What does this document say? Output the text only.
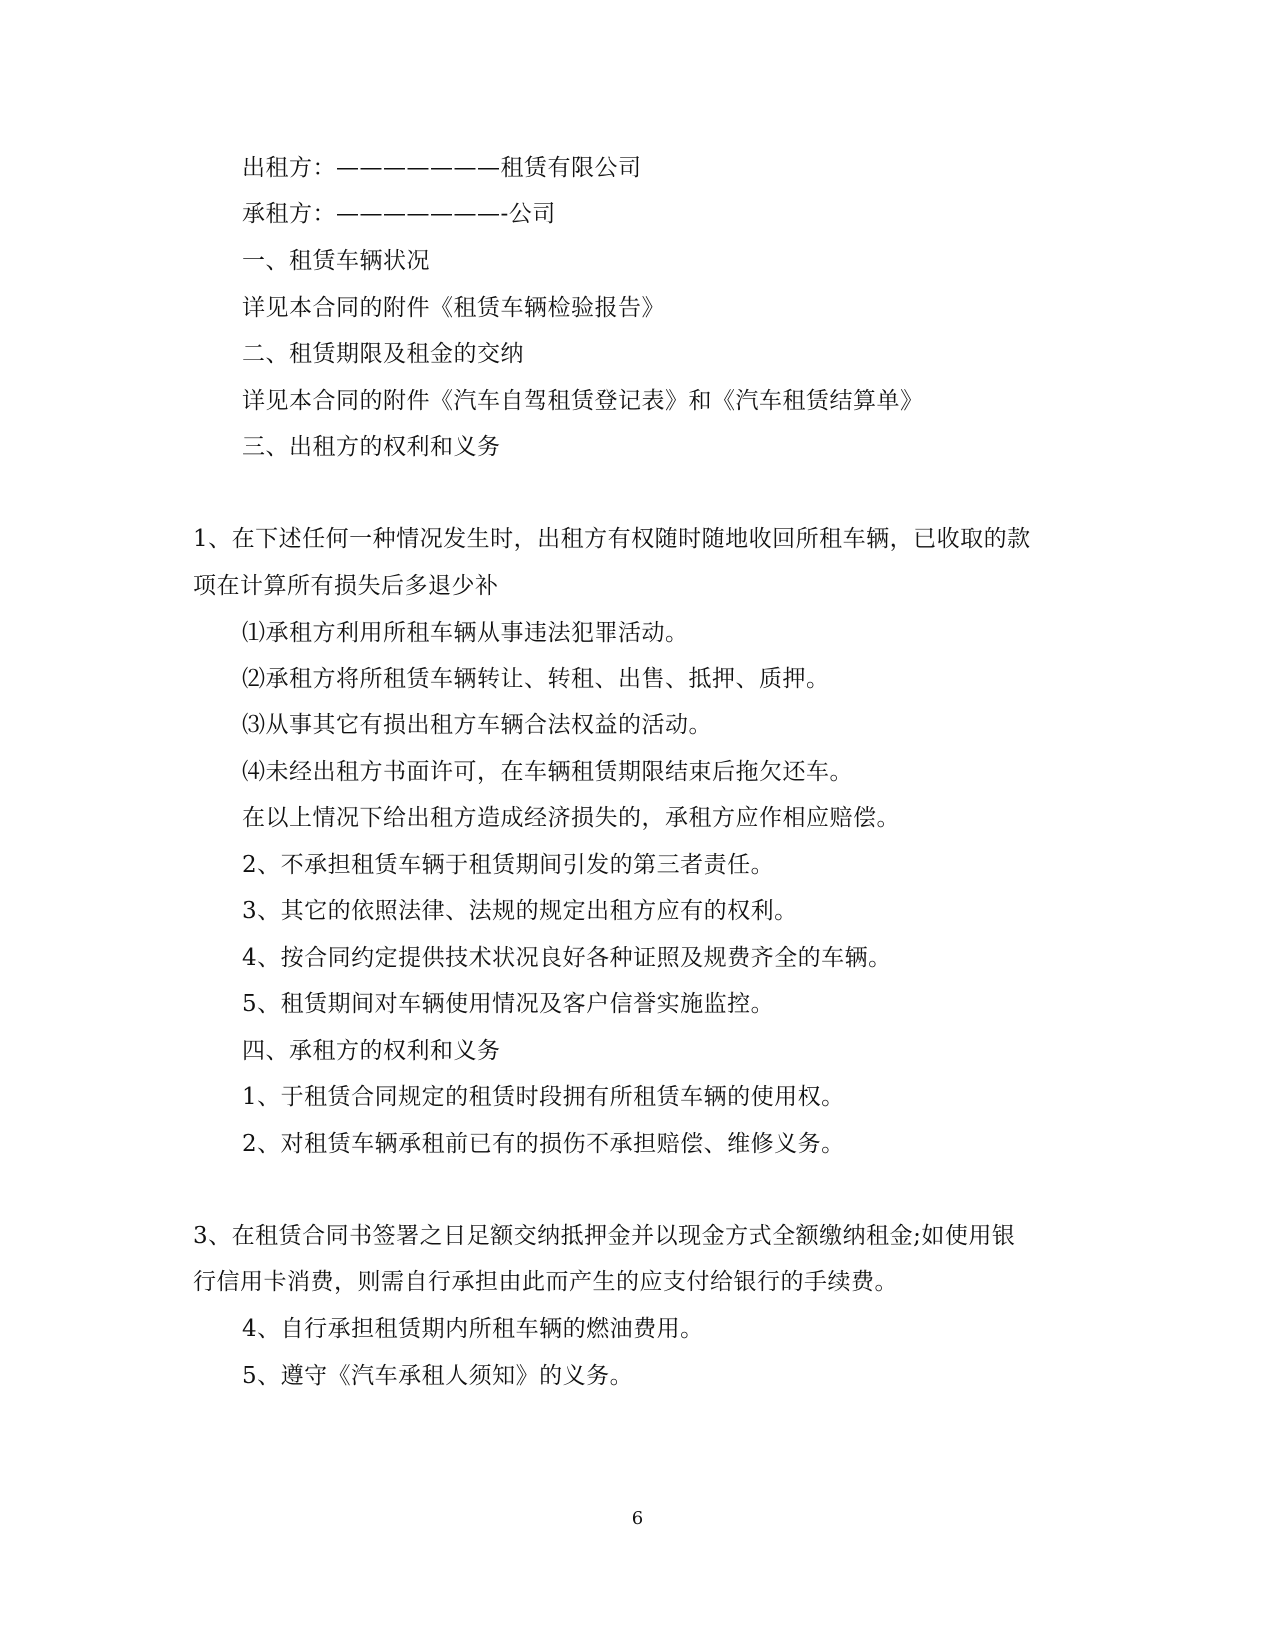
出租方：———————租赁有限公司
承租方：———————-公司
一、租赁车辆状况
详见本合同的附件《租赁车辆检验报告》
二、租赁期限及租金的交纳
详见本合同的附件《汽车自驾租赁登记表》和《汽车租赁结算单》
三、出租方的权利和义务
1、在下述任何一种情况发生时，出租方有权随时随地收回所租车辆，已收取的款
项在计算所有损失后多退少补
⑴承租方利用所租车辆从事违法犯罪活动。
⑵承租方将所租赁车辆转让、转租、出售、抵押、质押。
⑶从事其它有损出租方车辆合法权益的活动。
⑷未经出租方书面许可，在车辆租赁期限结束后拖欠还车。
在以上情况下给出租方造成经济损失的，承租方应作相应赔偿。
2、不承担租赁车辆于租赁期间引发的第三者责任。
3、其它的依照法律、法规的规定出租方应有的权利。
4、按合同约定提供技术状况良好各种证照及规费齐全的车辆。
5、租赁期间对车辆使用情况及客户信誉实施监控。
四、承租方的权利和义务
1、于租赁合同规定的租赁时段拥有所租赁车辆的使用权。
2、对租赁车辆承租前已有的损伤不承担赔偿、维修义务。
3、在租赁合同书签署之日足额交纳抵押金并以现金方式全额缴纳租金;如使用银
行信用卡消费，则需自行承担由此而产生的应支付给银行的手续费。
4、自行承担租赁期内所租车辆的燃油费用。
5、遵守《汽车承租人须知》的义务。
6
